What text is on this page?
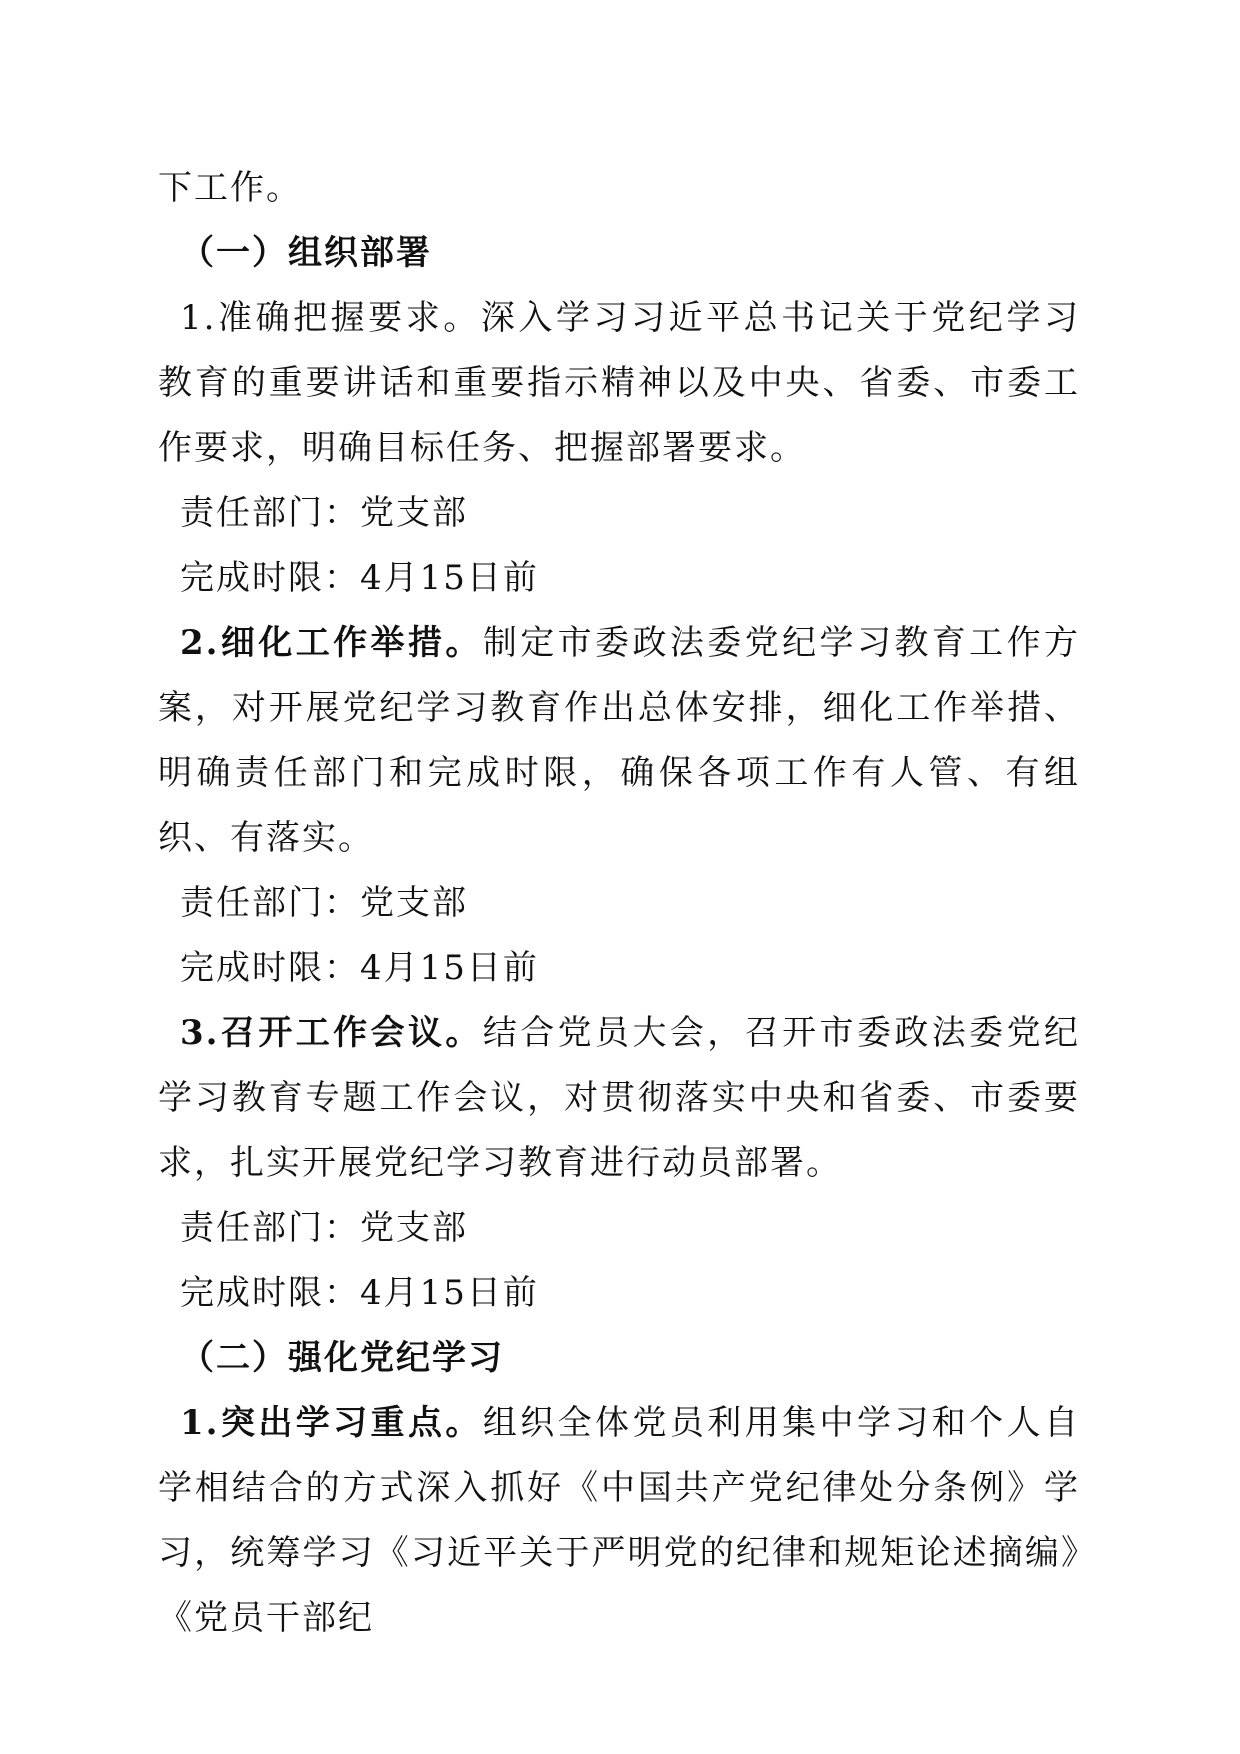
下工作。
（一）组织部署
1.准确把握要求。深入学习习近平总书记关于党纪学习教育的重要讲话和重要指示精神以及中央、省委、市委工作要求，明确目标任务、把握部署要求。
责任部门：党支部
完成时限：4月15日前
2.细化工作举措。制定市委政法委党纪学习教育工作方案，对开展党纪学习教育作出总体安排，细化工作举措、明确责任部门和完成时限，确保各项工作有人管、有组织、有落实。
责任部门：党支部
完成时限：4月15日前
3.召开工作会议。结合党员大会，召开市委政法委党纪学习教育专题工作会议，对贯彻落实中央和省委、市委要求，扎实开展党纪学习教育进行动员部署。
责任部门：党支部
完成时限：4月15日前
（二）强化党纪学习
1.突出学习重点。组织全体党员利用集中学习和个人自学相结合的方式深入抓好《中国共产党纪律处分条例》学习，统筹学习《习近平关于严明党的纪律和规矩论述摘编》《党员干部纪
